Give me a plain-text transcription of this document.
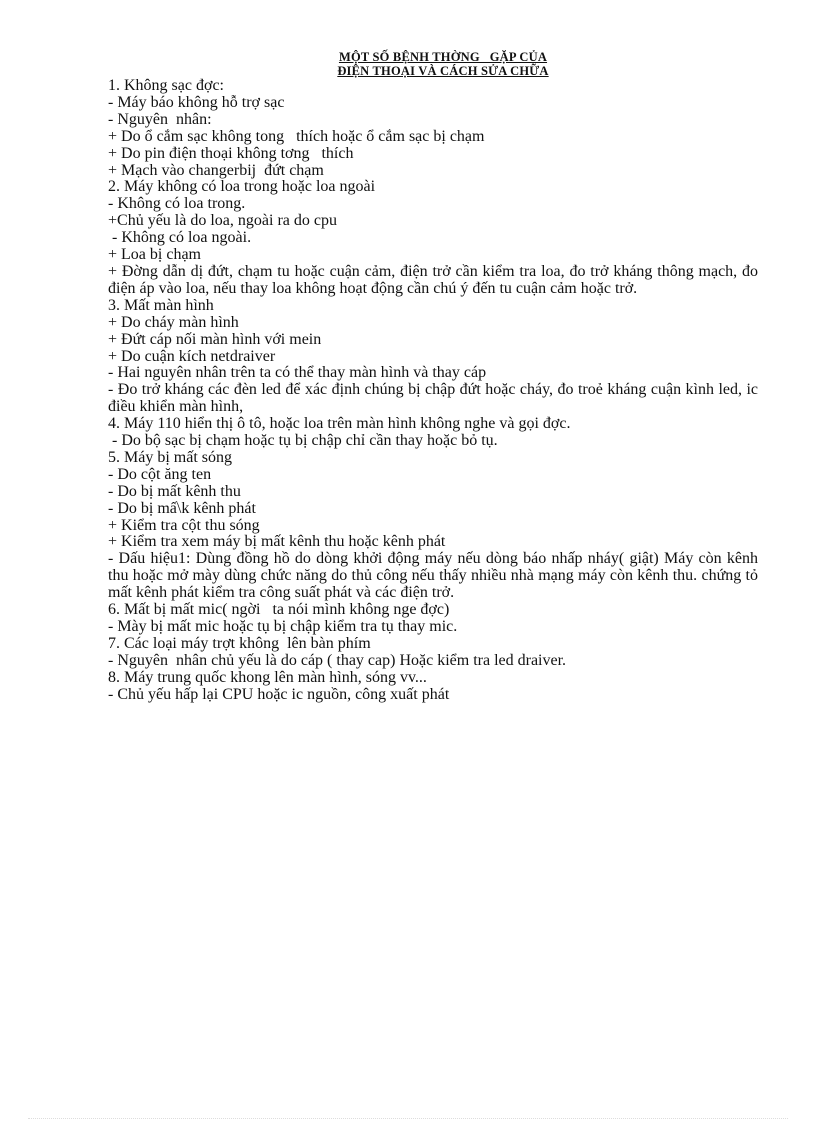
MỘT SỐ BỆNH THỜNG   GẶP CỦA
ĐIỆN THOẠI VÀ CÁCH SỬA CHỮA
1. Không sạc đợc:
- Máy báo không hỗ trợ sạc
- Nguyên  nhân:
+ Do ổ cắm sạc không tong   thích hoặc ổ cắm sạc bị chạm
+ Do pin điện thoại không tơng   thích
+ Mạch vào changerbij  đứt chạm
2. Máy không có loa trong hoặc loa ngoài
- Không có loa trong.
+Chủ yếu là do loa, ngoài ra do cpu
- Không có loa ngoài.
+ Loa bị chạm
+ Đờng dẫn dị đứt, chạm tu hoặc cuận cảm, điện trở cần kiểm tra loa, đo trở kháng thông mạch, đo điện áp vào loa, nếu thay loa không hoạt động cần chú ý đến tu cuận cảm hoặc trở.
3. Mất màn hình
+ Do cháy màn hình
+ Đứt cáp nối màn hình với mein
+ Do cuận kích netdraiver
- Hai nguyên nhân trên ta có thể thay màn hình và thay cáp
- Đo trở kháng các đèn led để xác định chúng bị chập đứt hoặc cháy, đo troẻ kháng cuận kình led, ic điều khiển màn hình,
4. Máy 110 hiển thị ô tô, hoặc loa trên màn hình không nghe và gọi đợc.
- Do bộ sạc bị chạm hoặc tụ bị chập chỉ cần thay hoặc bỏ tụ.
5. Máy bị mất sóng
- Do cột ăng ten
- Do bị mất kênh thu
- Do bị mấ\k kênh phát
+ Kiểm tra cột thu sóng
+ Kiểm tra xem máy bị mất kênh thu hoặc kênh phát
- Dấu hiệu1: Dùng đồng hồ do dòng khởi động máy nếu dòng báo nhấp nháy( giật) Máy còn kênh thu hoặc mở mày dùng chức năng do thủ công nếu thấy nhiều nhà mạng máy còn kênh thu. chứng tỏ mất kênh phát kiểm tra công suất phát và các điện trở.
6. Mất bị mất mic( ngời   ta nói mình không nge đợc)
- Mày bị mất mic hoặc tụ bị chập kiểm tra tụ thay mic.
7. Các loại máy trợt không  lên bàn phím
- Nguyên  nhân chủ yếu là do cáp ( thay cap) Hoặc kiểm tra led draiver.
8. Máy trung quốc khong lên màn hình, sóng vv...
- Chủ yếu hấp lại CPU hoặc ic nguồn, công xuất phát
